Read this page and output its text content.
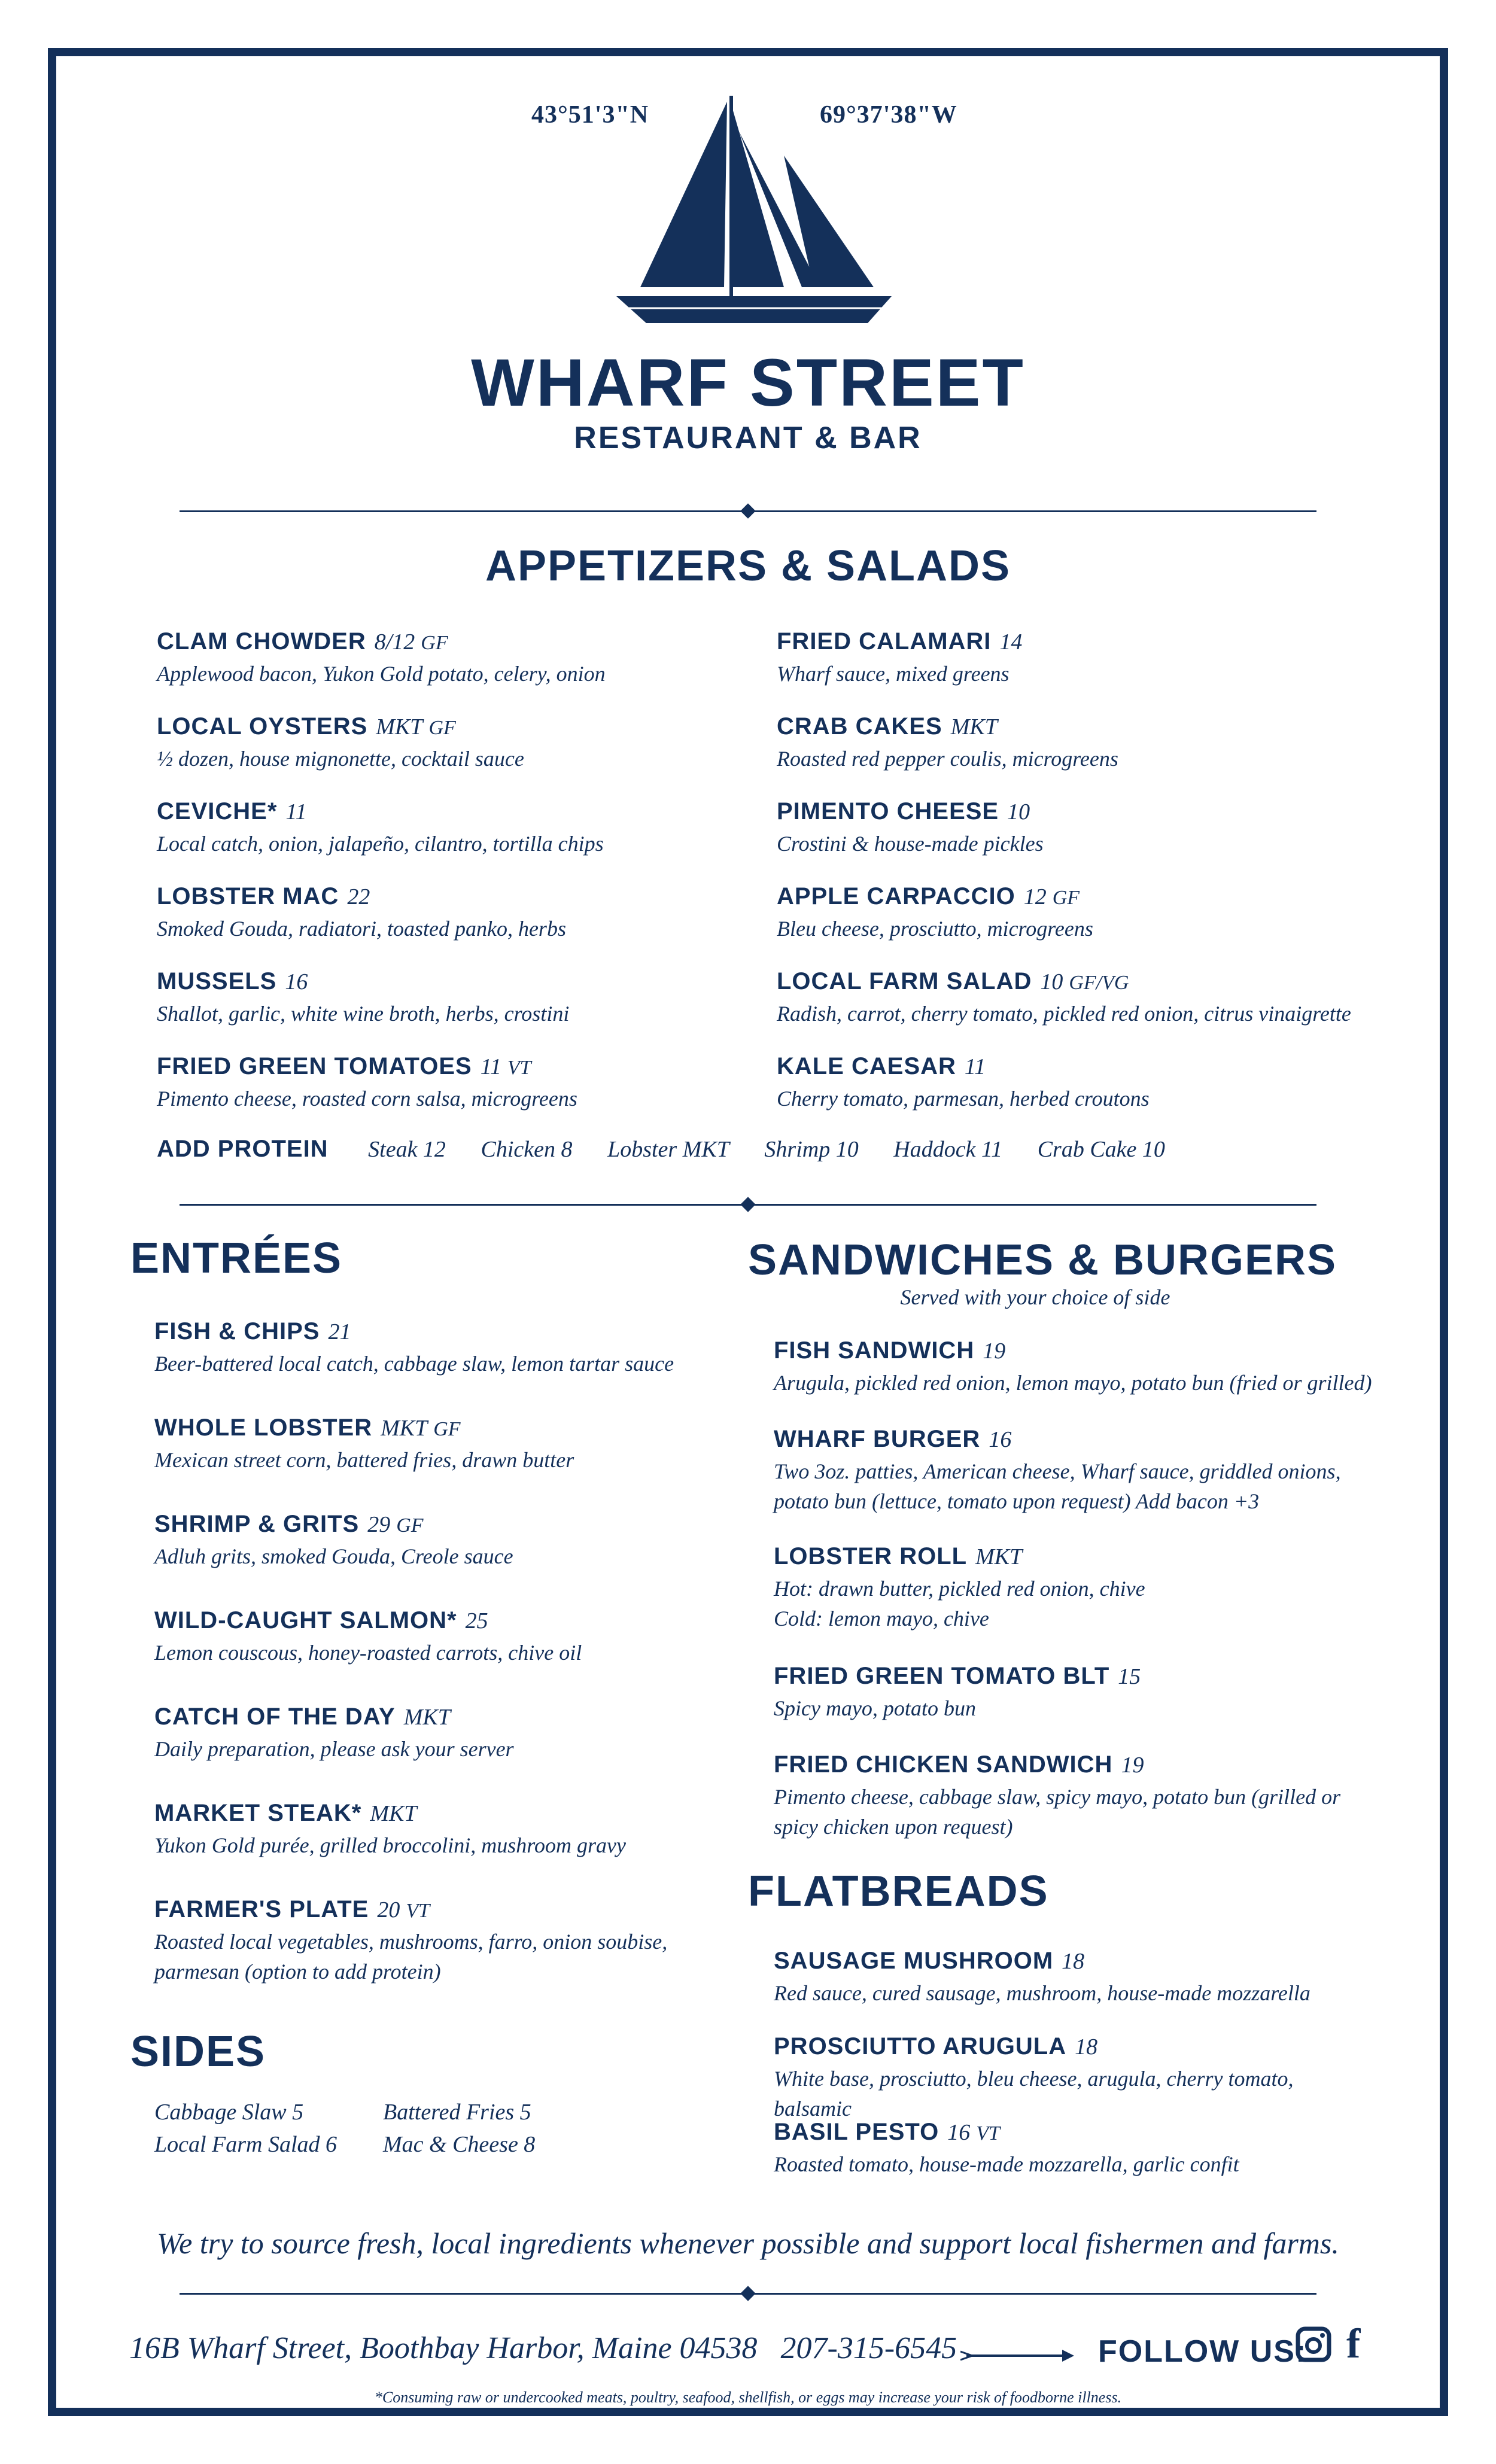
43°51'3"N	69°37'38"W
WHARF STREET
RESTAURANT & BAR
APPETIZERS & SALADS
CLAM CHOWDER 8/12 GF
Applewood bacon, Yukon Gold potato, celery, onion
LOCAL OYSTERS MKT GF
½ dozen, house mignonette, cocktail sauce
CEVICHE* 11
Local catch, onion, jalapeño, cilantro, tortilla chips
LOBSTER MAC 22
Smoked Gouda, radiatori, toasted panko, herbs
MUSSELS 16
Shallot, garlic, white wine broth, herbs, crostini
FRIED GREEN TOMATOES 11 VT
Pimento cheese, roasted corn salsa, microgreens
FRIED CALAMARI 14
Wharf sauce, mixed greens
CRAB CAKES MKT
Roasted red pepper coulis, microgreens
PIMENTO CHEESE 10
Crostini & house-made pickles
APPLE CARPACCIO 12 GF
Bleu cheese, prosciutto, microgreens
LOCAL FARM SALAD 10 GF/VG
Radish, carrot, cherry tomato, pickled red onion, citrus vinaigrette
KALE CAESAR 11
Cherry tomato, parmesan, herbed croutons
ADD PROTEIN Steak 12 Chicken 8 Lobster MKT Shrimp 10 Haddock 11 Crab Cake 10
ENTRÉES
FISH & CHIPS 21
Beer-battered local catch, cabbage slaw, lemon tartar sauce
WHOLE LOBSTER MKT GF
Mexican street corn, battered fries, drawn butter
SHRIMP & GRITS 29 GF
Adluh grits, smoked Gouda, Creole sauce
WILD-CAUGHT SALMON* 25
Lemon couscous, honey-roasted carrots, chive oil
CATCH OF THE DAY MKT
Daily preparation, please ask your server
MARKET STEAK* MKT
Yukon Gold purée, grilled broccolini, mushroom gravy
FARMER'S PLATE 20 VT
Roasted local vegetables, mushrooms, farro, onion soubise, parmesan (option to add protein)
SIDES
Cabbage Slaw 5	Battered Fries 5
Local Farm Salad 6 Mac & Cheese 8
SANDWICHES & BURGERS
Served with your choice of side
FISH SANDWICH 19
Arugula, pickled red onion, lemon mayo, potato bun (fried or grilled)
WHARF BURGER 16
Two 3oz. patties, American cheese, Wharf sauce, griddled onions, potato bun (lettuce, tomato upon request) Add bacon +3
LOBSTER ROLL MKT
Hot: drawn butter, pickled red onion, chive
Cold: lemon mayo, chive
FRIED GREEN TOMATO BLT 15
Spicy mayo, potato bun
FRIED CHICKEN SANDWICH 19
Pimento cheese, cabbage slaw, spicy mayo, potato bun (grilled or spicy chicken upon request)
FLATBREADS
SAUSAGE MUSHROOM 18
Red sauce, cured sausage, mushroom, house-made mozzarella
PROSCIUTTO ARUGULA 18
White base, prosciutto, bleu cheese, arugula, cherry tomato, balsamic
BASIL PESTO 16 VT
Roasted tomato, house-made mozzarella, garlic confit
We try to source fresh, local ingredients whenever possible and support local fishermen and farms.
16B Wharf Street, Boothbay Harbor, Maine 04538 207-315-6545	FOLLOW US: f
*Consuming raw or undercooked meats, poultry, seafood, shellfish, or eggs may increase your risk of foodborne illness.
